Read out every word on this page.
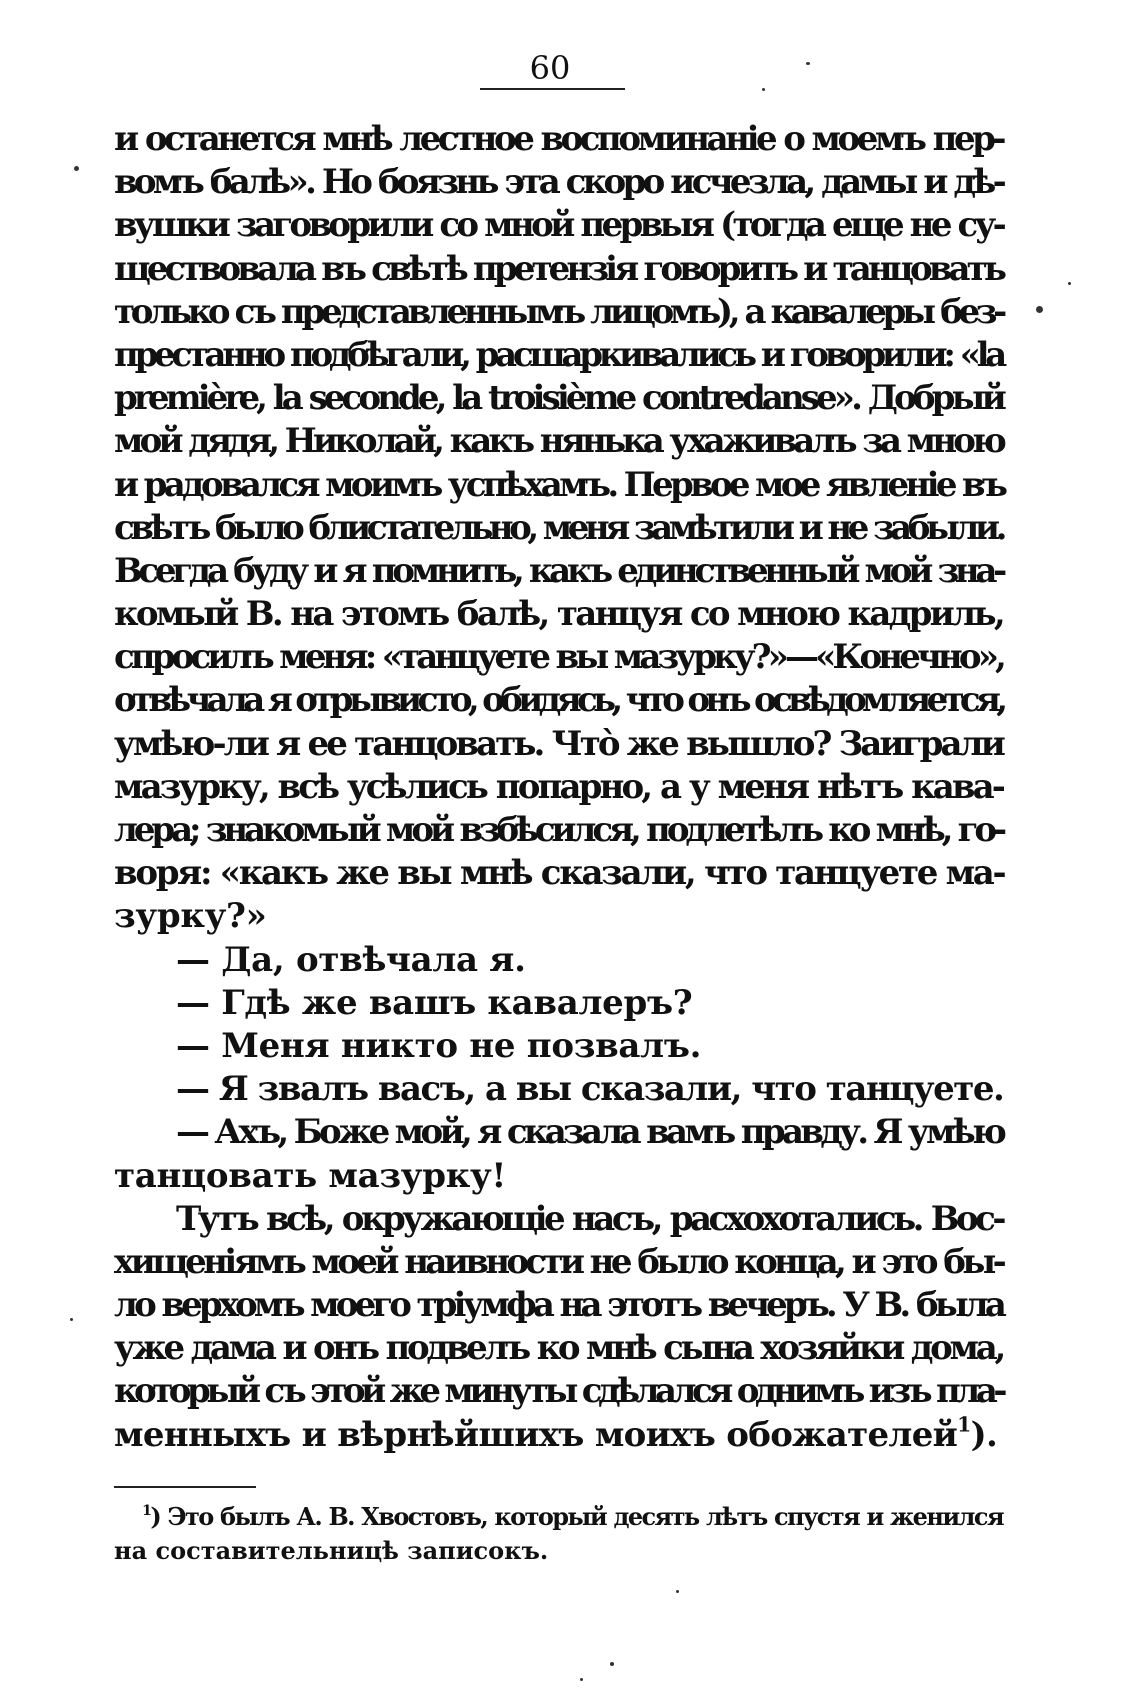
60
и останется мнѣ лестное воспоминаніе о моемъ пер-
вомъ балѣ». Но боязнь эта скоро исчезла, дамы и дѣ-
вушки заговорили со мной первыя (тогда еще не су-
ществовала въ свѣтѣ претензія говорить и танцовать
только съ представленнымъ лицомъ), а кавалеры без-
престанно подбѣгали, расшаркивались и говорили: «la
première, la seconde, la troisième contredanse». Добрый
мой дядя, Николай, какъ нянька ухаживалъ за мною
и радовался моимъ успѣхамъ. Первое мое явленіе въ
свѣтъ было блистательно, меня замѣтили и не забыли.
Всегда буду и я помнить, какъ единственный мой зна-
комый В. на этомъ балѣ, танцуя со мною кадриль,
спросилъ меня: «танцуете вы мазурку?»—«Конечно»,
отвѣчала я отрывисто, обидясь, что онъ освѣдомляется,
умѣю-ли я ее танцовать. Чтò же вышло? Заиграли
мазурку, всѣ усѣлись попарно, а у меня нѣтъ кава-
лера; знакомый мой взбѣсился, подлетѣлъ ко мнѣ, го-
воря: «какъ же вы мнѣ сказали, что танцуете ма-
зурку?»
— Да, отвѣчала я.
— Гдѣ же вашъ кавалеръ?
— Меня никто не позвалъ.
— Я звалъ васъ, а вы сказали, что танцуете.
— Ахъ, Боже мой, я сказала вамъ правду. Я умѣю
танцовать мазурку!
Тутъ всѣ, окружающіе насъ, расхохотались. Вос-
хищеніямъ моей наивности не было конца, и это бы-
ло верхомъ моего тріумфа на этотъ вечеръ. У В. была
уже дама и онъ подвелъ ко мнѣ сына хозяйки дома,
который съ этой же минуты сдѣлался однимъ изъ пла-
менныхъ и вѣрнѣйшихъ моихъ обожателей$^1$).
$^1$) Это былъ А. В. Хвостовъ, который десять лѣтъ спустя и женился
на составительницѣ записокъ.
